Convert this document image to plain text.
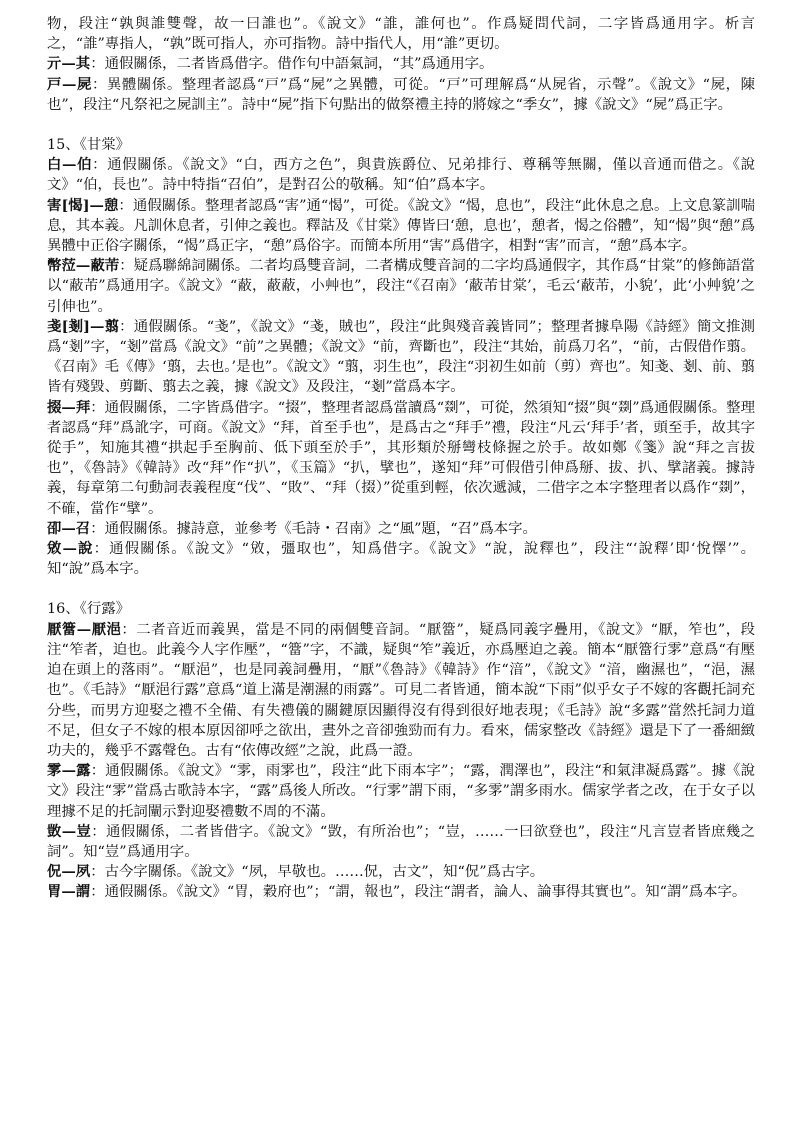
物，段注“孰與誰雙聲，故一曰誰也”。《說文》“誰，誰何也”。作爲疑問代詞，二字皆爲通用字。析言之，“誰”專指人，“孰”既可指人，亦可指物。詩中指代人，用“誰”更切。

亓—其：通假關係，二者皆爲借字。借作句中語氣詞，“其”爲通用字。

戸—屍：異體關係。整理者認爲“戸”爲“屍”之異體，可從。“戸”可理解爲“从屍省，示聲”。《說文》“屍，陳也”，段注“凡祭祀之屍訓主”。詩中“屍”指下句點出的做祭禮主持的將嫁之“季女”，據《說文》“屍”爲正字。

15、《甘棠》

白—伯：通假關係。《說文》“白，西方之色”，與貴族爵位、兄弟排行、尊稱等無關，僅以音通而借之。《說文》“伯，長也”。詩中特指“召伯”，是對召公的敬稱。知“伯”爲本字。

害[愒]—憩：通假關係。整理者認爲“害”通“愒”，可從。《說文》“愒，息也”，段注“此休息之息。上文息篆訓喘息，其本義。凡訓休息者，引伸之義也。釋詁及《甘棠》傳皆曰‘憩，息也’，憩者，愒之俗體”，知“愒”與“憩”爲異體中正俗字關係，“愒”爲正字，“憩”爲俗字。而簡本所用“害”爲借字，相對“害”而言，“憩”爲本字。

幣𦲷—蔽芾：疑爲聯綿詞關係。二者均爲雙音詞，二者構成雙音詞的二字均爲通假字，其作爲“甘棠”的修飾語當以“蔽芾”爲通用字。《說文》“蔽，蔽蔽，小艸也”，段注“《召南》‘蔽芾甘棠’，毛云‘蔽芾，小貌’，此‘小艸貌’之引伸也”。

戔[剗]—翦：通假關係。“戔”，《說文》“戔，賊也”，段注“此與殘音義皆同”；整理者據阜陽《詩經》簡文推測爲“剗”字，“剗”當爲《說文》“前”之異體；《說文》“前，齊斷也”，段注“其始，前爲刀名”，“前，古假借作翦。《召南》毛《傳》‘翦，去也。’是也”。《說文》“翦，羽生也”，段注“羽初生如前（剪）齊也”。知戔、剗、前、翦皆有殘毀、剪斷、翦去之義，據《說文》及段注，“剗”當爲本字。

掇—拜：通假關係，二字皆爲借字。“掇”，整理者認爲當讀爲“剟”，可從，然須知“掇”與“剟”爲通假關係。整理者認爲“拜”爲訛字，可商。《說文》“拜，首至手也”，是爲古之“拜手”禮，段注“凡云‘拜手’者，頭至手，故其字從手”，知施其禮“拱起手至胸前、低下頭至於手”，其形類於掰彎枝條握之於手。故如鄭《箋》說“拜之言拔也”，《魯詩》《韓詩》改“拜”作“扒”，《玉篇》“扒，擘也”，遂知“拜”可假借引伸爲掰、拔、扒、擘諸義。據詩義，每章第二句動詞表義程度“伐”、“敗”、“拜（掇）”從重到輕，依次遞減，二借字之本字整理者以爲作“剟”，不確，當作“擘”。

卲—召：通假關係。據詩意，並參考《毛詩・召南》之“風”題，“召”爲本字。

敓—說：通假關係。《說文》“敓，彊取也”，知爲借字。《說文》“說，說釋也”，段注“‘說釋’即‘悅懌’”。知“說”爲本字。

16、《行露》

厭簹—厭浥：二者音近而義異，當是不同的兩個雙音詞。“厭簹”，疑爲同義字疊用，《說文》“厭，笮也”，段注“笮者，迫也。此義今人字作壓”，“簹”字，不識，疑與“笮”義近，亦爲壓迫之義。簡本“厭簹行雺”意爲“有壓迫在頭上的落雨”。“厭浥”，也是同義詞疊用，“厭”《魯詩》《韓詩》作“湆”，《說文》“湆，幽濕也”，“浥，濕也”。《毛詩》“厭浥行露”意爲“道上滿是潮濕的雨露”。可見二者皆通，簡本說“下雨”似乎女子不嫁的客觀托詞充分些，而男方迎娶之禮不全備、有失禮儀的關鍵原因顯得沒有得到很好地表現；《毛詩》說“多露”當然托詞力道不足，但女子不嫁的根本原因卻呼之欲出，晝外之音卻強勁而有力。看來，儒家整改《詩經》還是下了一番細緻功夫的，幾乎不露聲色。古有“依傳改經”之說，此爲一證。

雺—露：通假關係。《說文》“雺，雨雺也”，段注“此下雨本字”；“露，潤澤也”，段注“和氣津凝爲露”。據《說文》段注“雺”當爲古歌詩本字，“露”爲後人所改。“行雺”謂下雨，“多雺”謂多雨水。儒家学者之改，在于女子以理據不足的托詞闡示對迎娶禮數不周的不滿。

敳—豈：通假關係，二者皆借字。《說文》“敳，有所治也”；“豈，……一曰欲登也”，段注“凡言豈者皆庶幾之詞”。知“豈”爲通用字。

㑆—夙：古今字關係。《說文》“夙，早敬也。……㑆，古文”，知“㑆”爲古字。

胃—謂：通假關係。《說文》“胃，穀府也”；“謂，報也”，段注“謂者，論人、論事得其實也”。知“謂”爲本字。
